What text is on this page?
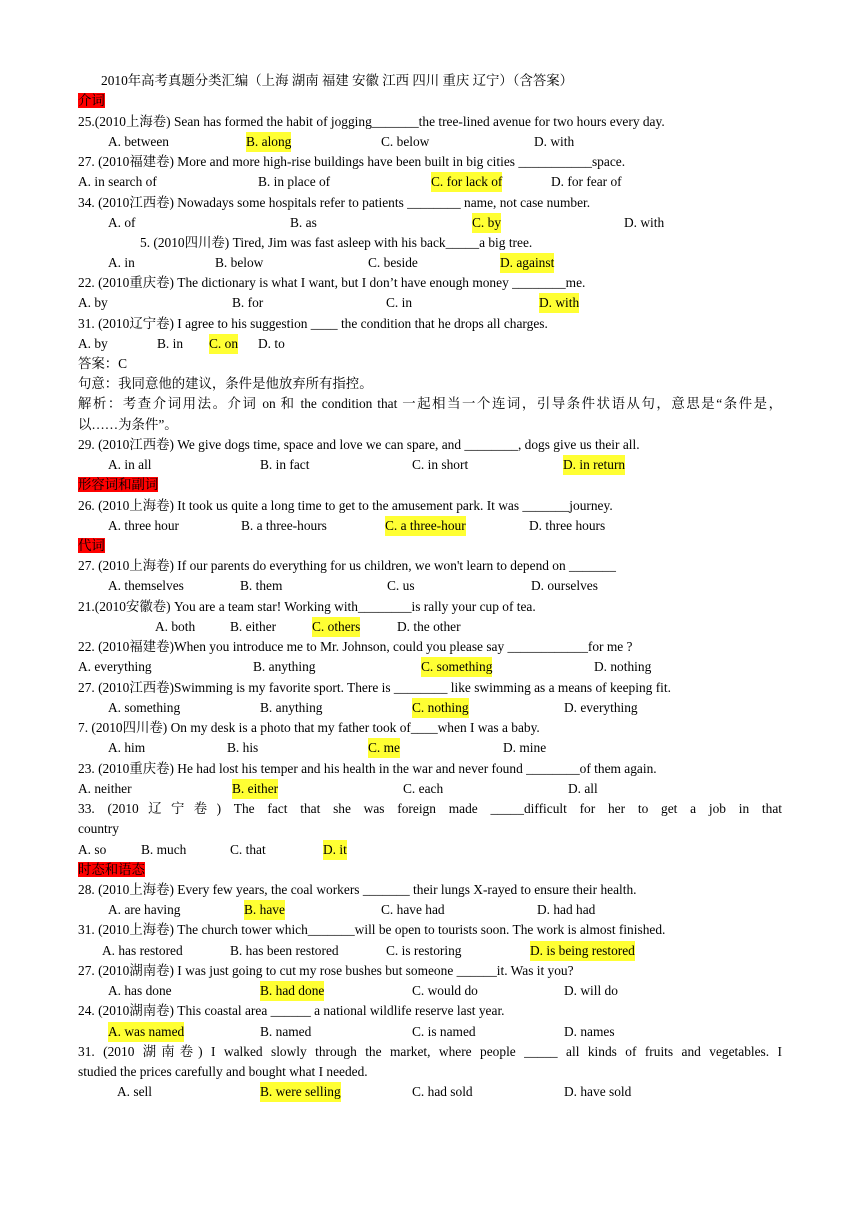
2010年高考真题分类汇编（上海 湖南 福建 安徽 江西 四川 重庆 辽宁）（含答案）
介词
25.(2010上海卷) Sean has formed the habit of jogging_______the tree-lined avenue for two hours every day.
A. between	B. along	C. below	D. with
27. (2010福建卷) More and more high-rise buildings have been built in big cities ___________space.
A. in search of	B. in place of	C. for lack of	D. for fear of
34. (2010江西卷) Nowadays some hospitals refer to patients ________ name, not case number.
A. of	B. as	C. by	D. with
5. (2010四川卷) Tired, Jim was fast asleep with his back_____a big tree.
A. in	B. below	C. beside	D. against
22. (2010重庆卷) The dictionary is what I want, but I don’t have enough money ________me.
A. by	B. for	C. in	D. with
31. (2010辽宁卷) I agree to his suggestion ____ the condition that he drops all charges.
A. by	B. in C. on D. to
答案：C
句意：我同意他的建议，条件是他放弃所有指控。
解析：考查介词用法。介词 on 和 the condition that 一起相当一个连词，引导条件状语从句，意思是“条件是，
以……为条件”。
29. (2010江西卷) We give dogs time, space and love we can spare, and ________, dogs give us their all.
A. in all	B. in fact	C. in short	D. in return
形容词和副词
26. (2010上海卷) It took us quite a long time to get to the amusement park. It was _______journey.
A. three hour	B. a three-hours	C. a three-hour	D. three hours
代词
27. (2010上海卷) If our parents do everything for us children, we won't learn to depend on _______
A. themselves	B. them	C. us	D. ourselves
21.(2010安徽卷) You are a team star! Working with________is rally your cup of tea.
A. both	B. either	C. others	D. the other
22. (2010福建卷)When you introduce me to Mr. Johnson, could you please say ____________for me ?
A. everything	B. anything	C. something	D. nothing
27. (2010江西卷)Swimming is my favorite sport. There is ________ like swimming as a means of keeping fit.
A. something	B. anything	C. nothing	D. everything
7. (2010四川卷) On my desk is a photo that my father took of____when I was a baby.
A. him	B. his	C. me	D. mine
23. (2010重庆卷) He had lost his temper and his health in the war and never found ________of them again.
A. neither	B. either	C. each	D. all
33. (2010辽宁卷) The fact that she was foreign made _____difficult for her to get a job in that
country
A. so	B. much	C. that	D. it
时态和语态
28. (2010上海卷) Every few years, the coal workers _______ their lungs X-rayed to ensure their health.
A. are having	B. have	C. have had	D. had had
31. (2010上海卷) The church tower which_______will be open to tourists soon. The work is almost finished.
A. has restored	B. has been restored	C. is restoring	D. is being restored
27. (2010湖南卷) I was just going to cut my rose bushes but someone ______it. Was it you?
A. has done	B. had done	C. would do	D. will do
24. (2010湖南卷) This coastal area ______ a national wildlife reserve last year.
A. was named	B. named	C. is named	D. names
31. (2010 湖南卷) I walked slowly through the market, where people _____ all kinds of fruits and vegetables. I
studied the prices carefully and bought what I needed.
A. sell	B. were selling	C. had sold	D. have sold
